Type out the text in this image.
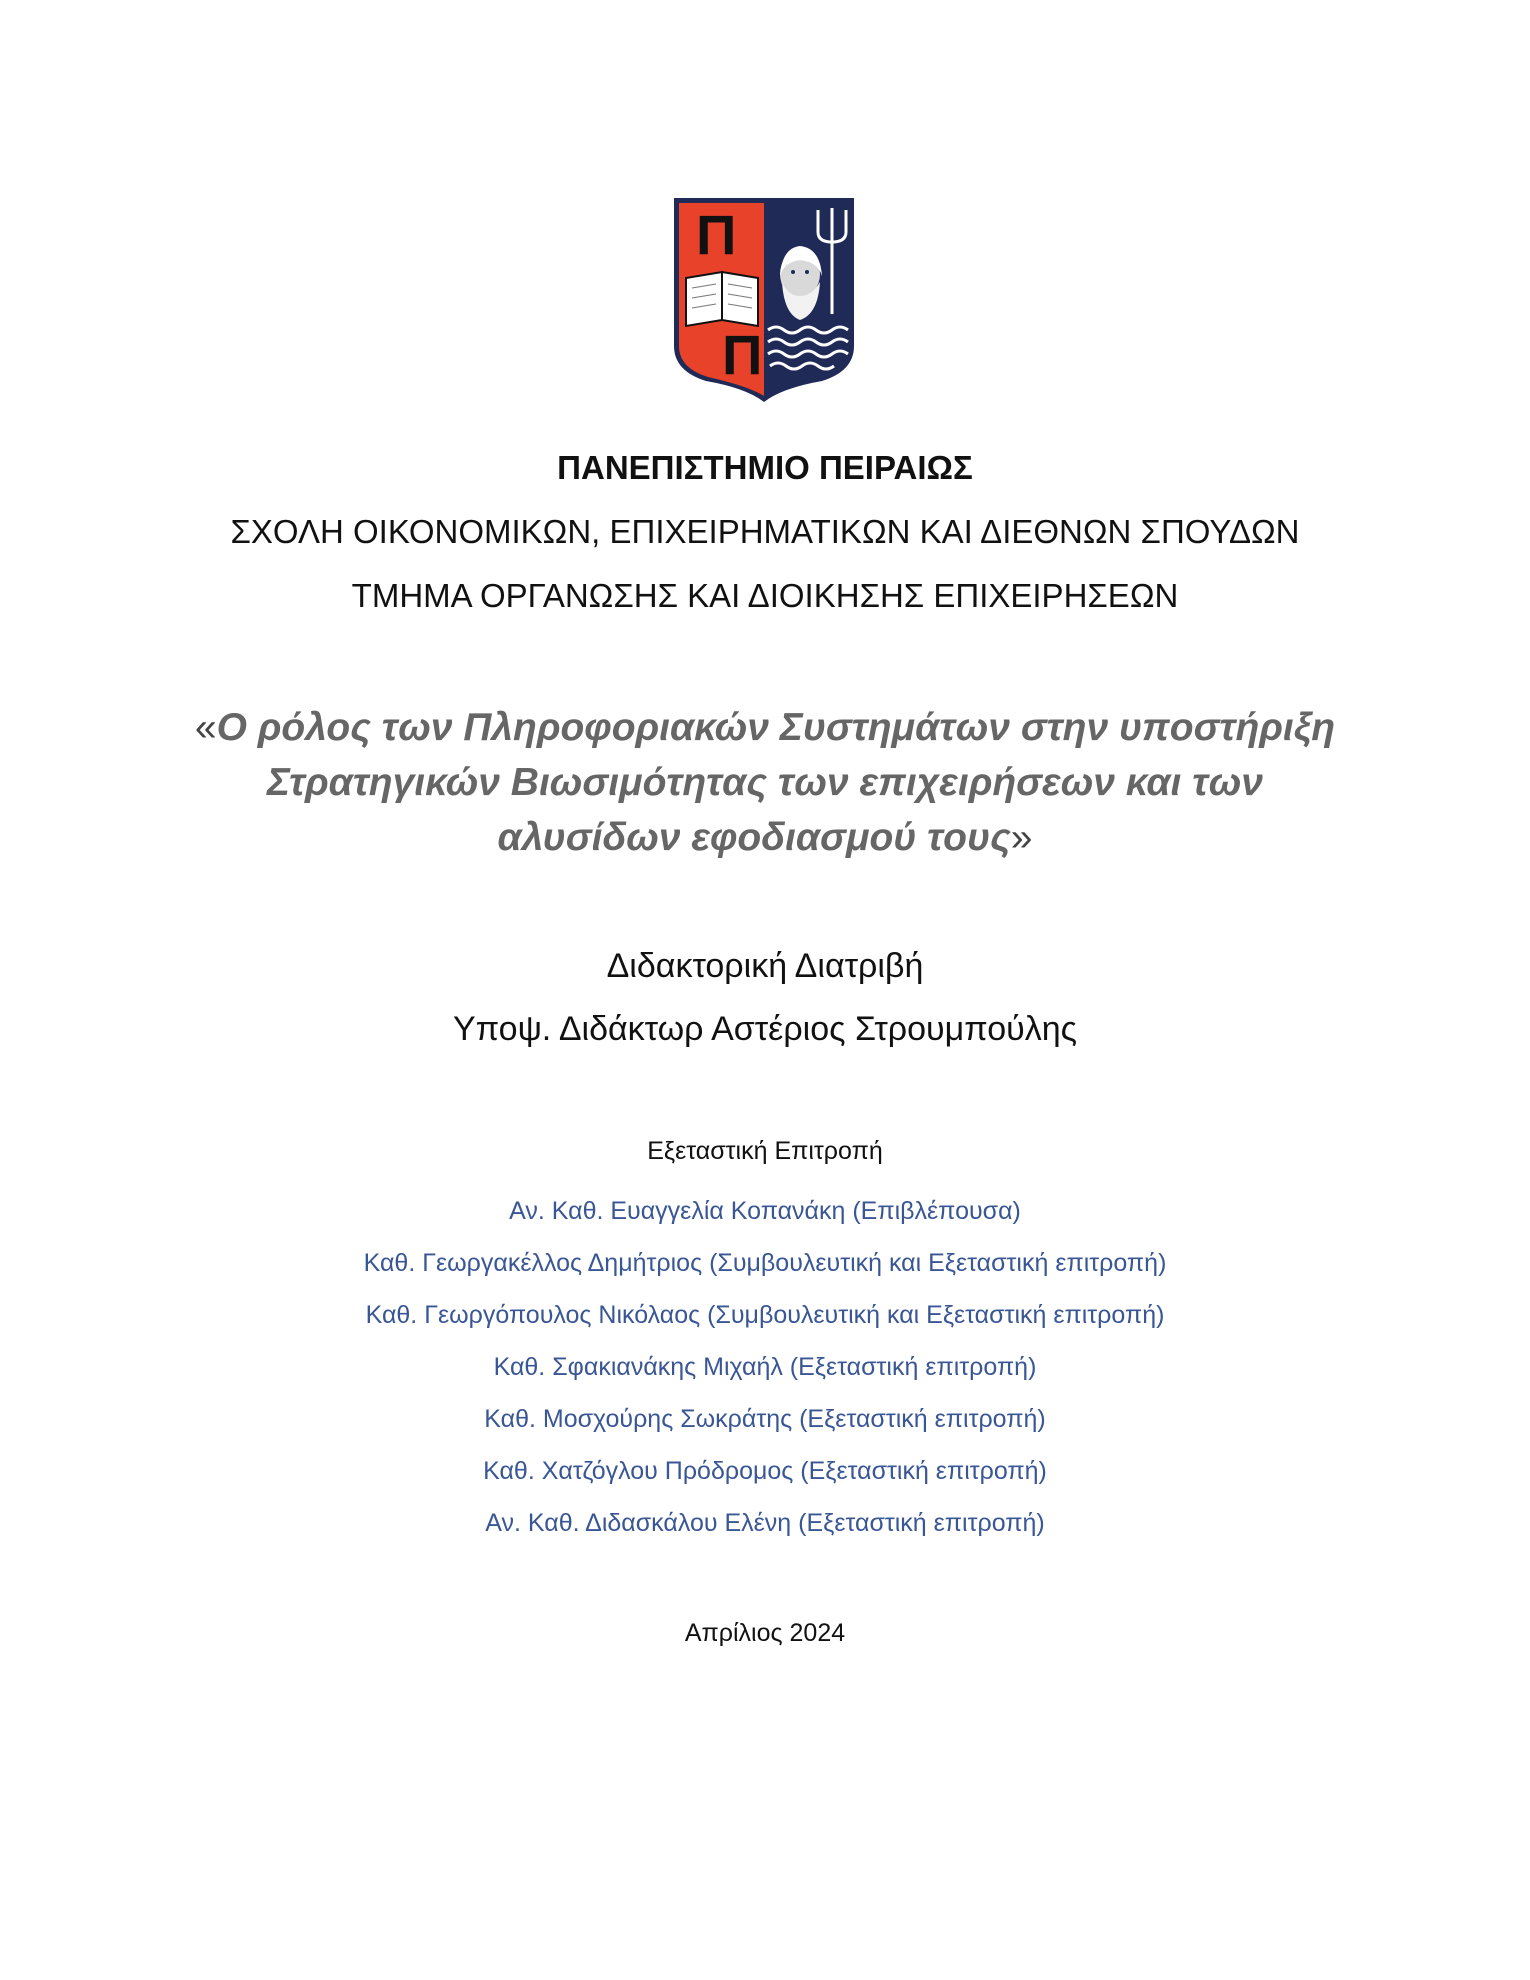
Π
Π
ΠΑΝΕΠΙΣΤΗΜΙΟ ΠΕΙΡΑΙΩΣ
ΣΧΟΛΗ ΟΙΚΟΝΟΜΙΚΩΝ, ΕΠΙΧΕΙΡΗΜΑΤΙΚΩΝ ΚΑΙ ΔΙΕΘΝΩΝ ΣΠΟΥΔΩΝ
ΤΜΗΜΑ ΟΡΓΑΝΩΣΗΣ ΚΑΙ ΔΙΟΙΚΗΣΗΣ ΕΠΙΧΕΙΡΗΣΕΩΝ
«Ο ρόλος των Πληροφοριακών Συστημάτων στην υποστήριξη
Στρατηγικών Βιωσιμότητας των επιχειρήσεων και των
αλυσίδων εφοδιασμού τους»
Διδακτορική Διατριβή
Υποψ. Διδάκτωρ Αστέριος Στρουμπούλης
Εξεταστική Επιτροπή
Αν. Καθ. Ευαγγελία Κοπανάκη (Επιβλέπουσα)
Καθ. Γεωργακέλλος Δημήτριος (Συμβουλευτική και Εξεταστική επιτροπή)
Καθ. Γεωργόπουλος Νικόλαος (Συμβουλευτική και Εξεταστική επιτροπή)
Καθ. Σφακιανάκης Μιχαήλ (Εξεταστική επιτροπή)
Καθ. Μοσχούρης Σωκράτης (Εξεταστική επιτροπή)
Καθ. Χατζόγλου Πρόδρομος (Εξεταστική επιτροπή)
Αν. Καθ. Διδασκάλου Ελένη (Εξεταστική επιτροπή)
Απρίλιος 2024
